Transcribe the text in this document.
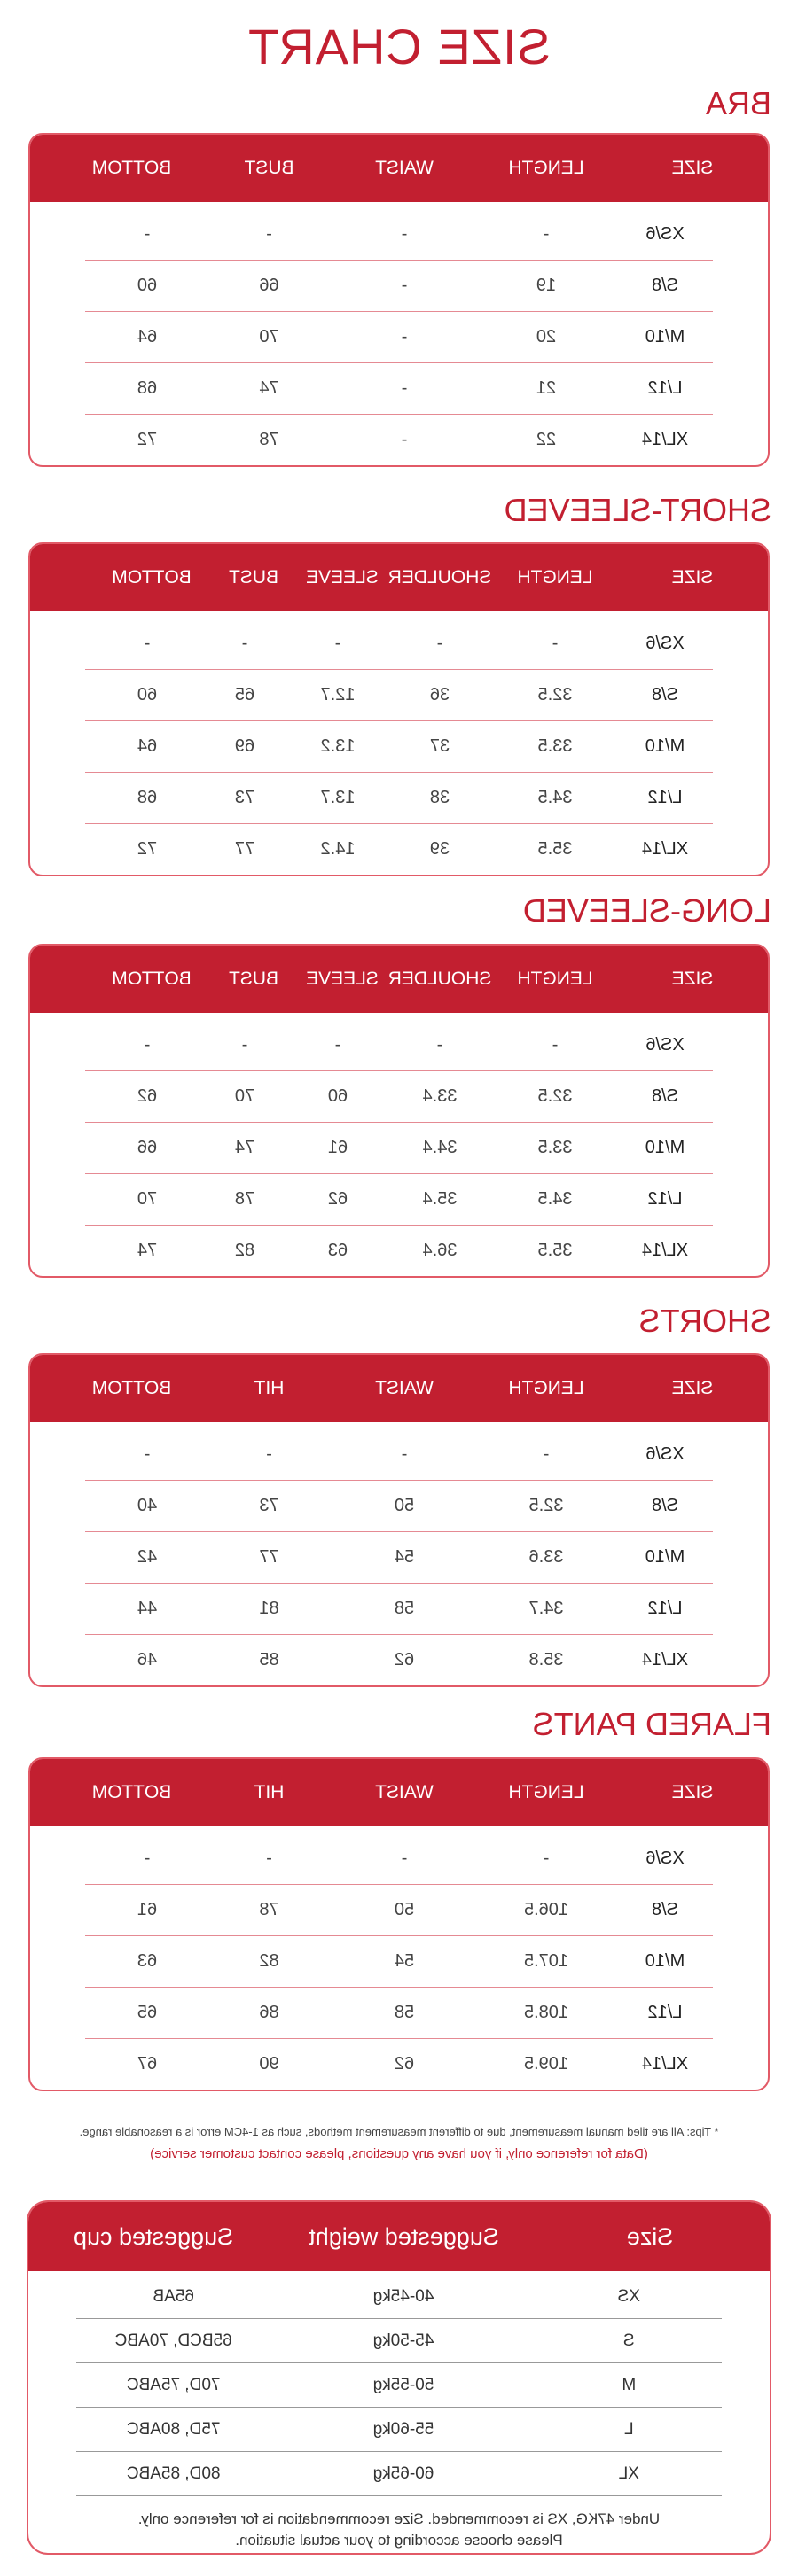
SIZE CHART
BRA
SIZE
LENGTH
WAIST
BUST
BOTTOM
XS/6
-
-
-
-
S/8
19
-
66
60
M/10
20
-
70
64
L/12
21
-
74
68
XL/14
22
-
78
72
SHORT-SLEEVED
SIZE
LENGTH
SHOULDER
SLEEVE
BUST
BOTTOM
XS/6
-
-
-
-
-
S/8
32.5
36
12.7
65
60
M/10
33.5
37
13.2
69
64
L/12
34.5
38
13.7
73
68
XL/14
35.5
39
14.2
77
72
LONG-SLEEVED
SIZE
LENGTH
SHOULDER
SLEEVE
BUST
BOTTOM
XS/6
-
-
-
-
-
S/8
32.5
33.4
60
70
62
M/10
33.5
34.4
61
74
66
L/12
34.5
35.4
62
78
70
XL/14
35.5
36.4
63
82
74
SHORTS
SIZE
LENGTH
WAIST
HIT
BOTTOM
XS/6
-
-
-
-
S/8
32.5
50
73
40
M/10
33.6
54
77
42
L/12
34.7
58
81
44
XL/14
35.8
62
85
46
FLARED PANTS
SIZE
LENGTH
WAIST
HIT
BOTTOM
XS/6
-
-
-
-
S/8
106.5
50
78
61
M/10
107.5
54
82
63
L/12
108.5
58
86
65
XL/14
109.5
62
90
67
* Tips: All are tiled manual measurement, due to different measurement methods, such as 1-4CM error is a reasonable range.
(Data for reference only, if you have any questions, please contact customer service)
Size
Suggested weight
Suggested cup
XS
40-45kg
65AB
S
45-50kg
65BCD, 70ABC
M
50-55kg
70D, 75ABC
L
55-60kg
75D, 80ABC
XL
60-65kg
80D, 85ABC
Under 47KG, XS is recommended. Size recommendation is for reference only.
Please choose according to your actual situation.
